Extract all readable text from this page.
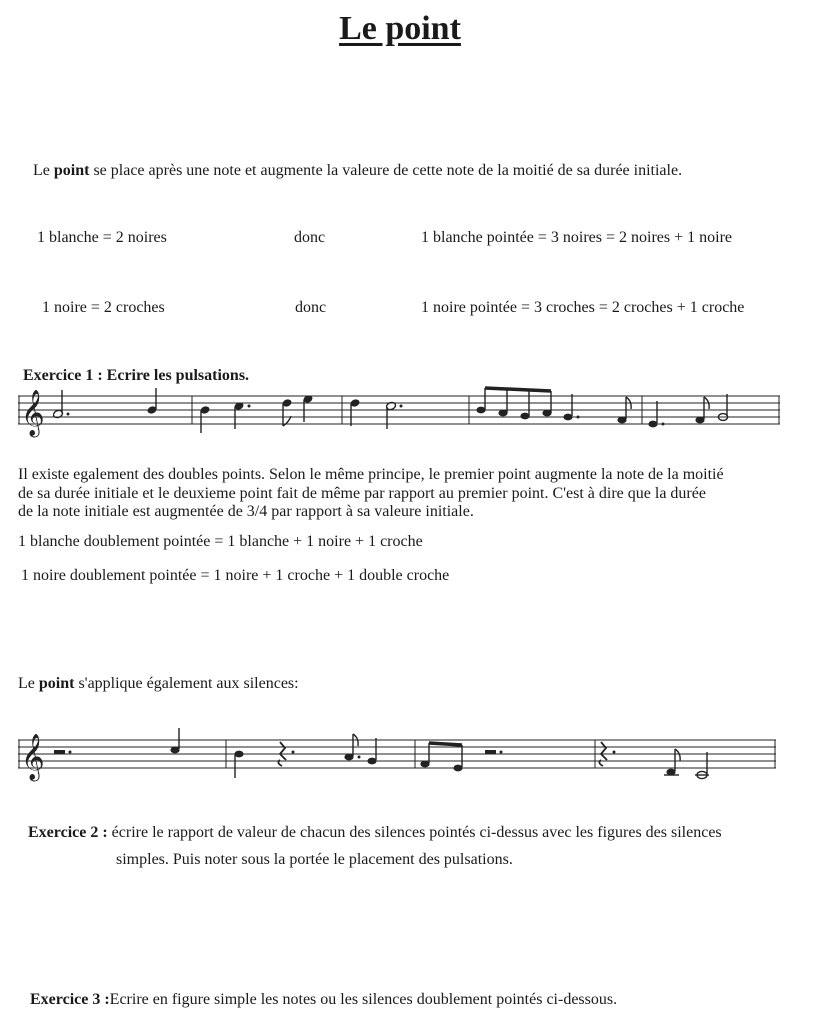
Le point
Le point se place après une note et augmente la valeure de cette note de la moitié de sa durée initiale.
1 blanche = 2 noires	donc	1 blanche pointée = 3 noires = 2 noires + 1 noire
1 noire = 2 croches	donc	1 noire pointée = 3 croches = 2 croches + 1 croche
Exercice 1 : Ecrire les pulsations.
𝄞
Il existe egalement des doubles points. Selon le même principe, le premier point augmente la note de la moitié
de sa durée initiale et le deuxieme point fait de même par rapport au premier point. C'est à dire que la durée
de la note initiale est augmentée de 3/4 par rapport à sa valeure initiale.
1 blanche doublement pointée = 1 blanche + 1 noire + 1 croche
1 noire doublement pointée = 1 noire + 1 croche + 1 double croche
Le point s'applique également aux silences:
𝄞
Exercice 2 : écrire le rapport de valeur de chacun des silences pointés ci-dessus avec les figures des silences
simples. Puis noter sous la portée le placement des pulsations.
Exercice 3 :Ecrire en figure simple les notes ou les silences doublement pointés ci-dessous.
